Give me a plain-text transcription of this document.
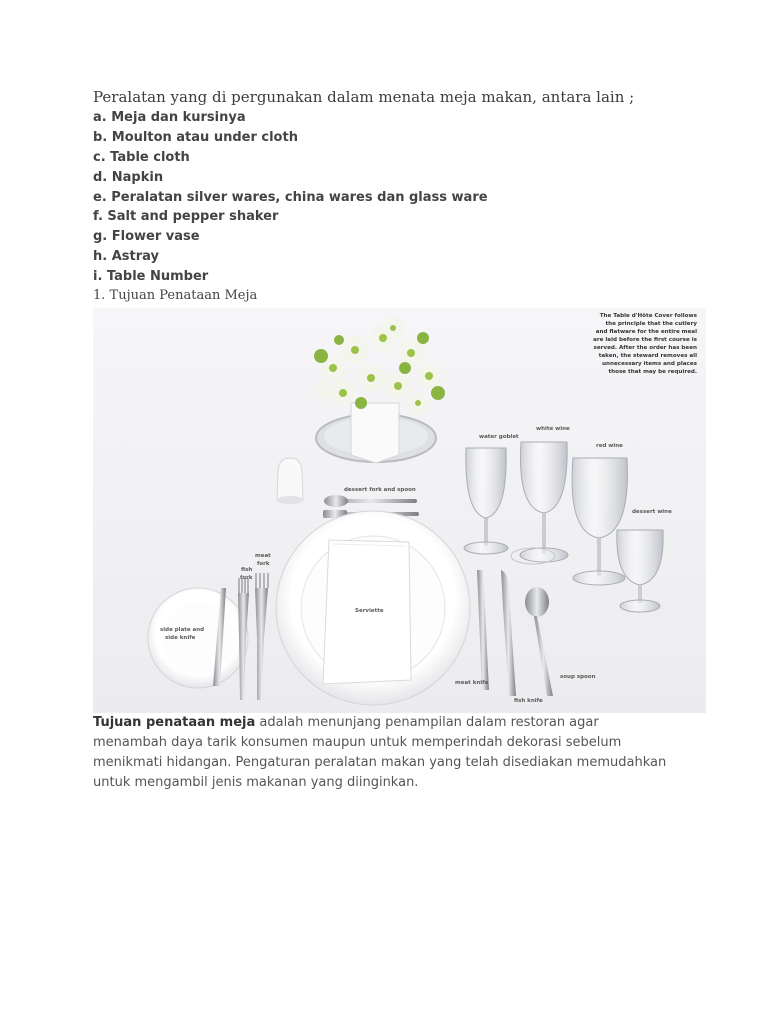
Peralatan yang di pergunakan dalam menata meja makan, antara lain ;

a. Meja dan kursinya
b. Moulton atau under cloth
c. Table cloth
d. Napkin
e. Peralatan silver wares, china wares dan glass ware
f. Salt and pepper shaker
g. Flower vase
h. Astray
i. Table Number

1. Tujuan Penataan Meja

The Table d'Hôte Cover follows
the principle that the cutlery
and flatware for the entire meal
are laid before the first course is
served. After the order has been
taken, the steward removes all
unnecessary items and places
those that may be required.
water goblet
white wine
red wine
dessert wine
dessert fork and spoon
meat
fork
fish
fork
side plate and
side knife
Serviette
meat knife
fish knife
soup spoon

Tujuan penataan meja adalah menunjang penampilan dalam restoran agar menambah daya tarik konsumen maupun untuk memperindah dekorasi sebelum menikmati hidangan. Pengaturan peralatan makan yang telah disediakan memudahkan untuk mengambil jenis makanan yang diinginkan.
